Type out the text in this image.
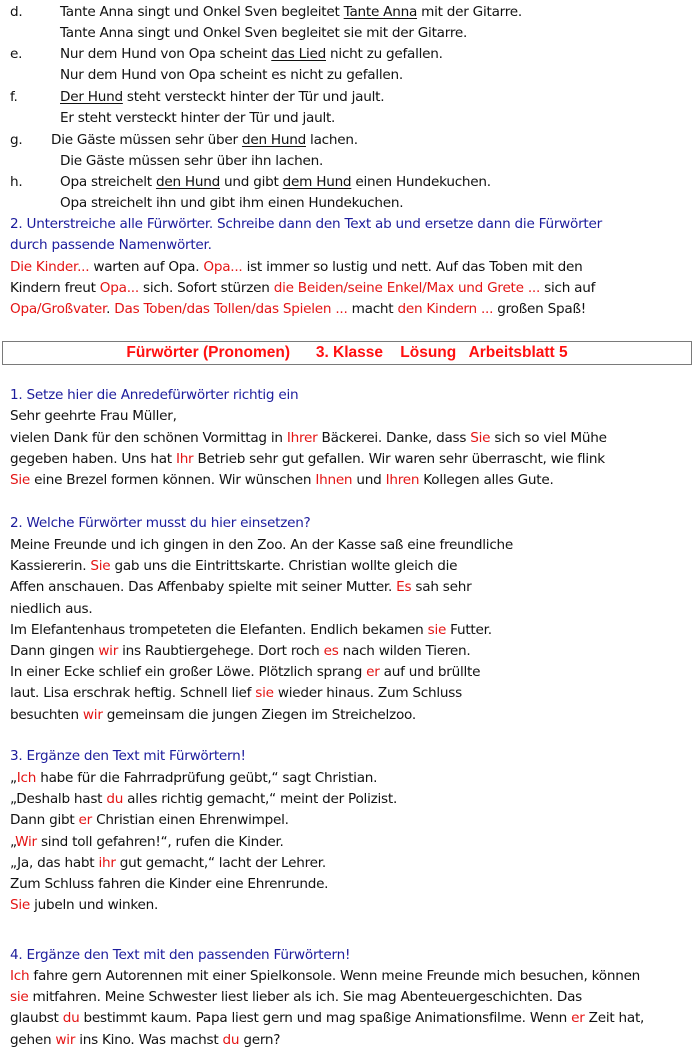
d.	Tante Anna singt und Onkel Sven begleitet Tante Anna mit der Gitarre.
Tante Anna singt und Onkel Sven begleitet sie mit der Gitarre.
e.	Nur dem Hund von Opa scheint das Lied nicht zu gefallen.
Nur dem Hund von Opa scheint es nicht zu gefallen.
f.	Der Hund steht versteckt hinter der Tür und jault.
Er steht versteckt hinter der Tür und jault.
g. Die Gäste müssen sehr über den Hund lachen.
Die Gäste müssen sehr über ihn lachen.
h.	Opa streichelt den Hund und gibt dem Hund einen Hundekuchen.
Opa streichelt ihn und gibt ihm einen Hundekuchen.
2. Unterstreiche alle Fürwörter. Schreibe dann den Text ab und ersetze dann die Fürwörter
durch passende Namenwörter.
Die Kinder... warten auf Opa. Opa... ist immer so lustig und nett. Auf das Toben mit den
Kindern freut Opa... sich. Sofort stürzen die Beiden/seine Enkel/Max und Grete ... sich auf
Opa/Großvater. Das Toben/das Tollen/das Spielen ... macht den Kindern ... großen Spaß!
Fürwörter (Pronomen)      3. Klasse    Lösung   Arbeitsblatt 5
1. Setze hier die Anredefürwörter richtig ein
Sehr geehrte Frau Müller,
vielen Dank für den schönen Vormittag in Ihrer Bäckerei. Danke, dass Sie sich so viel Mühe
gegeben haben. Uns hat Ihr Betrieb sehr gut gefallen. Wir waren sehr überrascht, wie flink
Sie eine Brezel formen können. Wir wünschen Ihnen und Ihren Kollegen alles Gute.
2. Welche Fürwörter musst du hier einsetzen?
Meine Freunde und ich gingen in den Zoo. An der Kasse saß eine freundliche
Kassiererin. Sie gab uns die Eintrittskarte. Christian wollte gleich die
Affen anschauen. Das Affenbaby spielte mit seiner Mutter. Es sah sehr
niedlich aus.
Im Elefantenhaus trompeteten die Elefanten. Endlich bekamen sie Futter.
Dann gingen wir ins Raubtiergehege. Dort roch es nach wilden Tieren.
In einer Ecke schlief ein großer Löwe. Plötzlich sprang er auf und brüllte
laut. Lisa erschrak heftig. Schnell lief sie wieder hinaus. Zum Schluss
besuchten wir gemeinsam die jungen Ziegen im Streichelzoo.
3. Ergänze den Text mit Fürwörtern!
„Ich habe für die Fahrradprüfung geübt,“ sagt Christian.
„Deshalb hast du alles richtig gemacht,“ meint der Polizist.
Dann gibt er Christian einen Ehrenwimpel.
„Wir sind toll gefahren!“, rufen die Kinder.
„Ja, das habt ihr gut gemacht,“ lacht der Lehrer.
Zum Schluss fahren die Kinder eine Ehrenrunde.
Sie jubeln und winken.
4. Ergänze den Text mit den passenden Fürwörtern!
Ich fahre gern Autorennen mit einer Spielkonsole. Wenn meine Freunde mich besuchen, können
sie mitfahren. Meine Schwester liest lieber als ich. Sie mag Abenteuergeschichten. Das
glaubst du bestimmt kaum. Papa liest gern und mag spaßige Animationsfilme. Wenn er Zeit hat,
gehen wir ins Kino. Was machst du gern?
